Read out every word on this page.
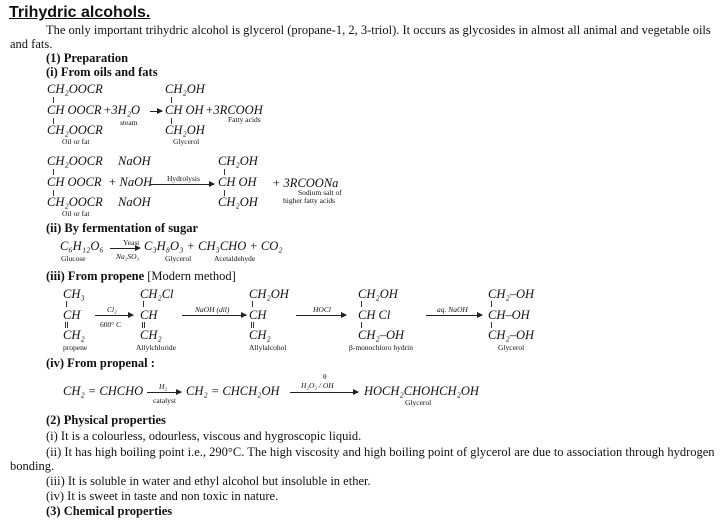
Trihydric alcohols.
The only important trihydric alcohol is glycerol (propane-1, 2, 3-triol). It occurs as glycosides in almost all animal and vegetable oils
and fats.
(1) Preparation
(i) From oils and fats
CH₂OOCR
CH OOCR
CH₂OOCR
Oil or fat
+3H₂O
steam
CH₂OH
CH OH
CH₂OH
Glycerol
+3RCOOH
Fatty acids
CH₂OOCR NaOH
CH OOCR + NaOH
CH₂OOCR NaOH
Oil or fat
Hydrolysis
CH₂OH
CH OH
CH₂OH
+ 3RCOONa
Sodium salt of
higher fatty acids
(ii) By fermentation of sugar
C₆H₁₂O₆	Yeast
Na₂SO₃
C₃H₈O₃ + CH₃CHO + CO₂
Glucose	Glycerol	Acetaldehyde
(iii) From propene [Modern method]
CH₃
CH
CH₂
propene
Cl₂
600° C
CH₂Cl
CH
CH₂
Allylchloride
NaOH (dil)
CH₂OH
CH
CH₂
Allylalcohol
HOCl
CH₂OH
CH Cl
CH₂–OH
β-monochloro hydrin
aq. NaOH
CH₂–OH
CH–OH
CH₂–OH
Glycerol
(iv) From propenal :
CH₂ = CHCHO H₂
catalyst
CH₂ = CHCH₂OH
θ
H₂O₂ / OH HOCH₂CHOHCH₂OH
Glycerol
(2) Physical properties
(i) It is a colourless, odourless, viscous and hygroscopic liquid.
(ii) It has high boiling point i.e., 290°C. The high viscosity and high boiling point of glycerol are due to association through hydrogen
bonding.
(iii) It is soluble in water and ethyl alcohol but insoluble in ether.
(iv) It is sweet in taste and non toxic in nature.
(3) Chemical properties
